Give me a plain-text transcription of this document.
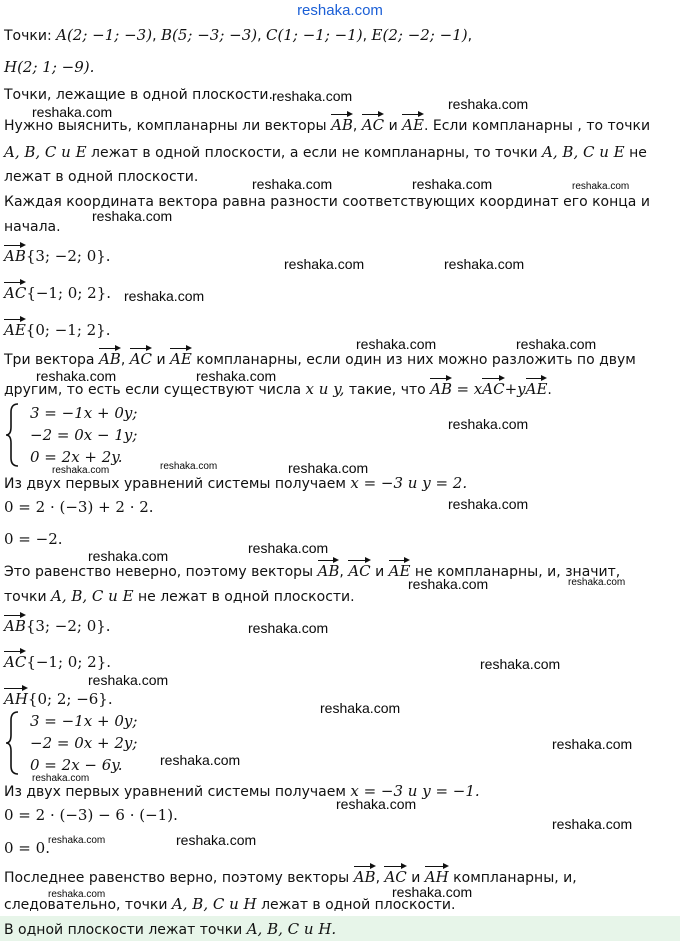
reshaka.com
Точки: A(2; −1; −3), B(5; −3; −3), C(1; −1; −1), E(2; −2; −1),
H(2; 1; −9).
Точки, лежащие в одной плоскости.
Нужно выяснить, компланарны ли векторы AB, AC и AE. Если компланарны , то точки
A, B, C и E лежат в одной плоскости, а если не компланарны, то точки A, B, C и E не
лежат в одной плоскости.
Каждая координата вектора равна разности соответствующих координат его конца и
начала.
AB{3; −2; 0}.
AC{−1; 0; 2}.
AE{0; −1; 2}.
Три вектора AB, AC и AE компланарны, если один из них можно разложить по двум
другим, то есть если существуют числа x и y, такие, что AB = xAC+yAE.
3 = −1x + 0y;
−2 = 0x − 1y;
0 = 2x + 2y.
Из двух первых уравнений системы получаем x = −3 и y = 2.
0 = 2 · (−3) + 2 · 2.
0 = −2.
Это равенство неверно, поэтому векторы AB, AC и AE не компланарны, и, значит,
точки A, B, C и E не лежат в одной плоскости.
AB{3; −2; 0}.
AC{−1; 0; 2}.
AH{0; 2; −6}.
3 = −1x + 0y;
−2 = 0x + 2y;
0 = 2x − 6y.
Из двух первых уравнений системы получаем x = −3 и y = −1.
0 = 2 · (−3) − 6 · (−1).
0 = 0.
Последнее равенство верно, поэтому векторы AB, AC и AH компланарны, и,
следовательно, точки A, B, C и H лежат в одной плоскости.
В одной плоскости лежат точки A, B, C и H.
reshaka.com
reshaka.com	reshaka.com
reshaka.com	reshaka.com	reshaka.com
reshaka.com
reshaka.com	reshaka.com
reshaka.com
reshaka.com	reshaka.com
reshaka.com	reshaka.com
reshaka.com
reshaka.com	reshaka.com	reshaka.com
reshaka.com
reshaka.com	reshaka.com
reshaka.com	reshaka.com
reshaka.com
reshaka.com
reshaka.com
reshaka.com
reshaka.com
reshaka.com
reshaka.com
reshaka.com
reshaka.com
reshaka.com	reshaka.com
reshaka.com	reshaka.com
